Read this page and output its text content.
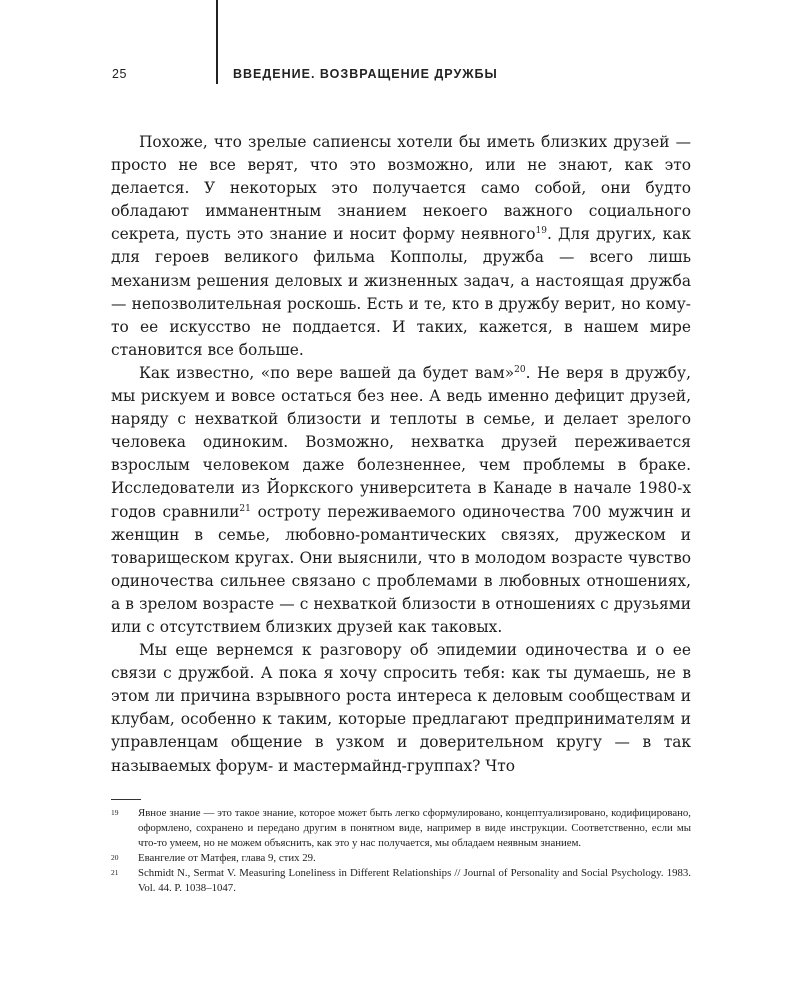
25	ВВЕДЕНИЕ. ВОЗВРАЩЕНИЕ ДРУЖБЫ

Похоже, что зрелые сапиенсы хотели бы иметь близких друзей — просто не все верят, что это возможно, или не знают, как это делается. У некоторых это получается само собой, они будто обладают имманентным знанием некоего важного социального секрета, пусть это знание и носит форму неявного$^{19}$. Для других, как для героев великого фильма Копполы, дружба — всего лишь механизм решения деловых и жизненных задач, а настоящая дружба — непозволительная роскошь. Есть и те, кто в дружбу верит, но кому-то ее искусство не поддается. И таких, кажется, в нашем мире становится все больше.

Как известно, «по вере вашей да будет вам»$^{20}$. Не веря в дружбу, мы рискуем и вовсе остаться без нее. А ведь именно дефицит друзей, наряду с нехваткой близости и теплоты в семье, и делает зрелого человека одиноким. Возможно, нехватка друзей переживается взрослым человеком даже болезненнее, чем проблемы в браке. Исследователи из Йоркского университета в Канаде в начале 1980-х годов сравнили$^{21}$ остроту переживаемого одиночества 700 мужчин и женщин в семье, любовно-романтических связях, дружеском и товарищеском кругах. Они выяснили, что в молодом возрасте чувство одиночества сильнее связано с проблемами в любовных отношениях, а в зрелом возрасте — с нехваткой близости в отношениях с друзьями или с отсутствием близких друзей как таковых.

Мы еще вернемся к разговору об эпидемии одиночества и о ее связи с дружбой. А пока я хочу спросить тебя: как ты думаешь, не в этом ли причина взрывного роста интереса к деловым сообществам и клубам, особенно к таким, которые предлагают предпринимателям и управленцам общение в узком и доверительном кругу — в так называемых форум- и мастермайнд-группах? Что

19 Явное знание — это такое знание, которое может быть легко сформулировано, концептуализировано, кодифицировано, оформлено, сохранено и передано другим в понятном виде, например в виде инструкции. Соответственно, если мы что-то умеем, но не можем объяснить, как это у нас получается, мы обладаем неявным знанием.
20 Евангелие от Матфея, глава 9, стих 29.
21 Schmidt N., Sermat V. Measuring Loneliness in Different Relationships // Journal of Personality and Social Psychology. 1983. Vol. 44. P. 1038–1047.
